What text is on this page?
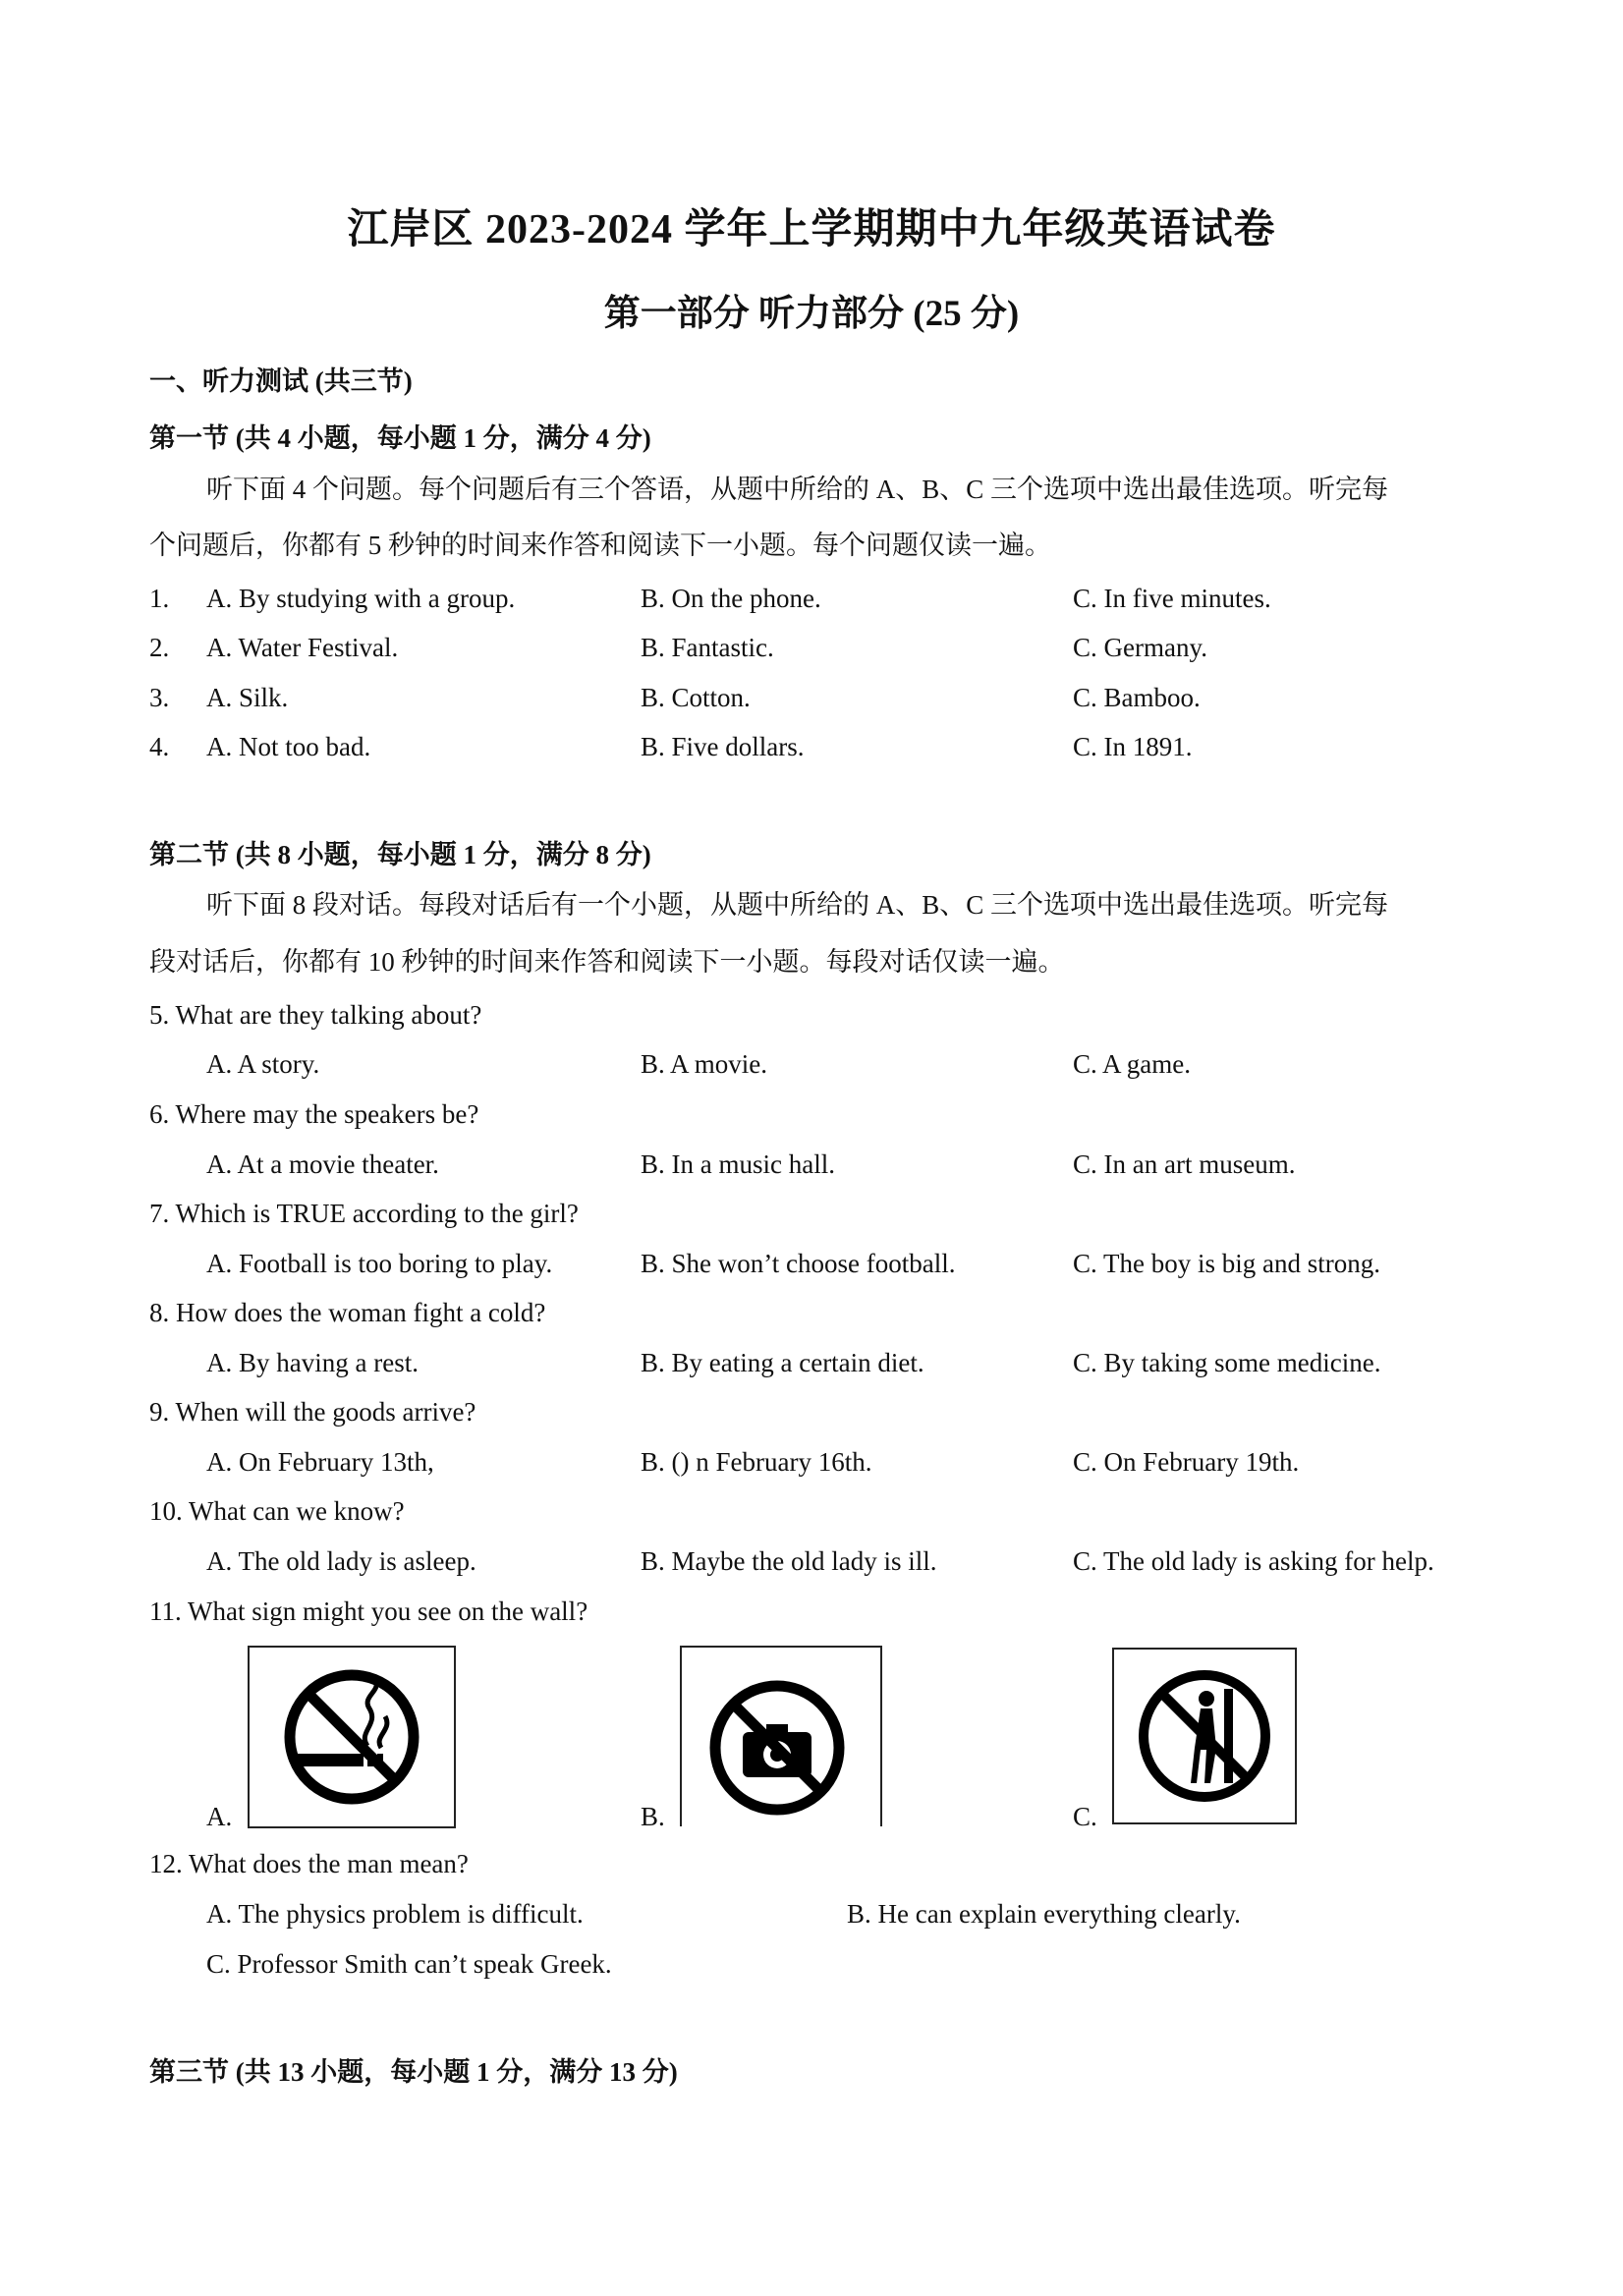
江岸区 2023-2024 学年上学期期中九年级英语试卷
第一部分 听力部分 (25 分)
一、听力测试 (共三节)
第一节 (共 4 小题，每小题 1 分，满分 4 分)
听下面 4 个问题。每个问题后有三个答语，从题中所给的 A、B、C 三个选项中选出最佳选项。听完每
个问题后，你都有 5 秒钟的时间来作答和阅读下一小题。每个问题仅读一遍。
1. A. By studying with a group.	B. On the phone.	C. In five minutes.
2. A. Water Festival.	B. Fantastic.	C. Germany.
3. A. Silk.	B. Cotton.	C. Bamboo.
4. A. Not too bad.	B. Five dollars.	C. In 1891.
第二节 (共 8 小题，每小题 1 分，满分 8 分)
听下面 8 段对话。每段对话后有一个小题，从题中所给的 A、B、C 三个选项中选出最佳选项。听完每
段对话后，你都有 10 秒钟的时间来作答和阅读下一小题。每段对话仅读一遍。
5. What are they talking about?
A. A story.	B. A movie.	C. A game.
6. Where may the speakers be?
A. At a movie theater.	B. In a music hall.	C. In an art museum.
7. Which is TRUE according to the girl?
A. Football is too boring to play.	B. She won’t choose football.	C. The boy is big and strong.
8. How does the woman fight a cold?
A. By having a rest.	B. By eating a certain diet.	C. By taking some medicine.
9. When will the goods arrive?
A. On February 13th,	B. () n February 16th.	C. On February 19th.
10. What can we know?
A. The old lady is asleep.	B. Maybe the old lady is ill.	C. The old lady is asking for help.
11. What sign might you see on the wall?
A.	B.	C.
12. What does the man mean?
A. The physics problem is difficult.	B. He can explain everything clearly.
C. Professor Smith can’t speak Greek.
第三节 (共 13 小题，每小题 1 分，满分 13 分)
